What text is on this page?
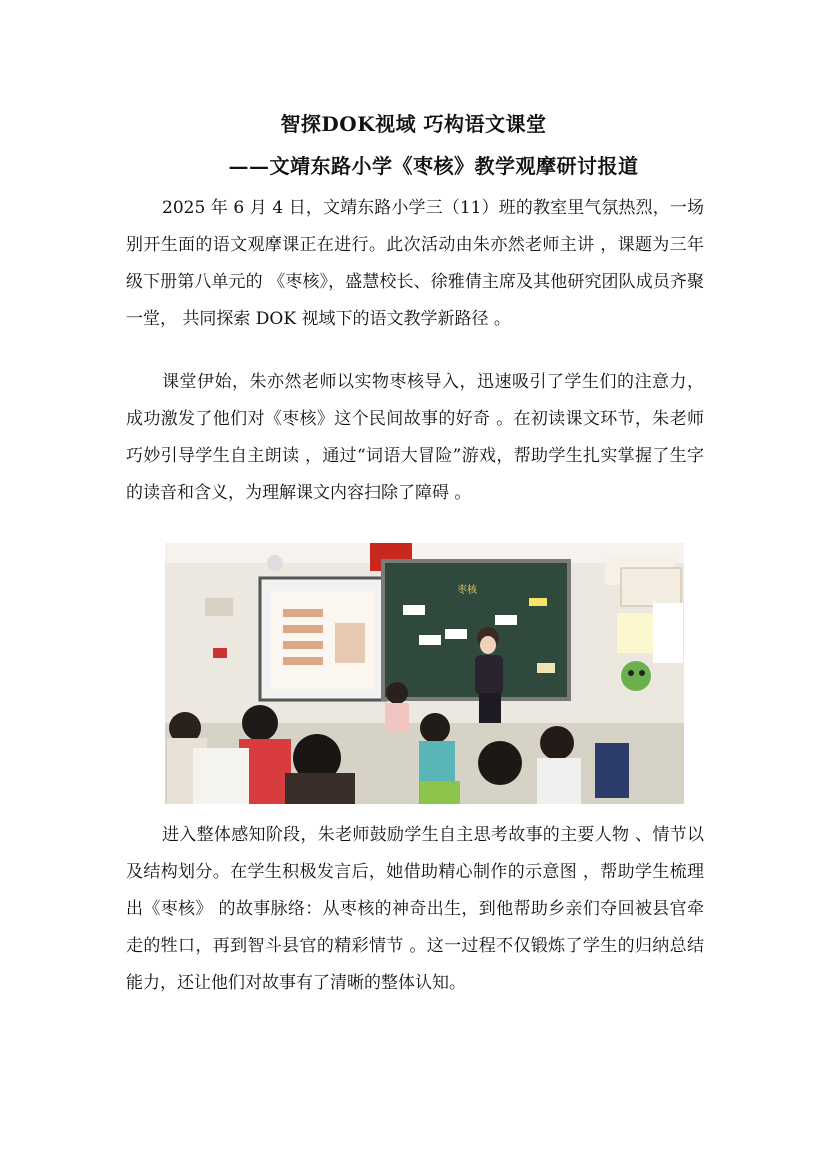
智探DOK视域 巧构语文课堂
——文靖东路小学《枣核》教学观摩研讨报道

2025 年 6 月 4 日，文靖东路小学三（11）班的教室里气氛热烈，一场别开生面的语文观摩课正在进行。此次活动由朱亦然老师主讲 ，课题为三年级下册第八单元的 《枣核》，盛慧校长、徐雅倩主席及其他研究团队成员齐聚一堂， 共同探索 DOK 视域下的语文教学新路径 。

课堂伊始，朱亦然老师以实物枣核导入，迅速吸引了学生们的注意力，成功激发了他们对《枣核》这个民间故事的好奇 。在初读课文环节，朱老师巧妙引导学生自主朗读 ，通过“词语大冒险”游戏，帮助学生扎实掌握了生字的读音和含义，为理解课文内容扫除了障碍 。

枣核

进入整体感知阶段，朱老师鼓励学生自主思考故事的主要人物 、情节以及结构划分。在学生积极发言后，她借助精心制作的示意图 ，帮助学生梳理出《枣核》 的故事脉络：从枣核的神奇出生，到他帮助乡亲们夺回被县官牵走的牲口，再到智斗县官的精彩情节 。这一过程不仅锻炼了学生的归纳总结能力，还让他们对故事有了清晰的整体认知。
